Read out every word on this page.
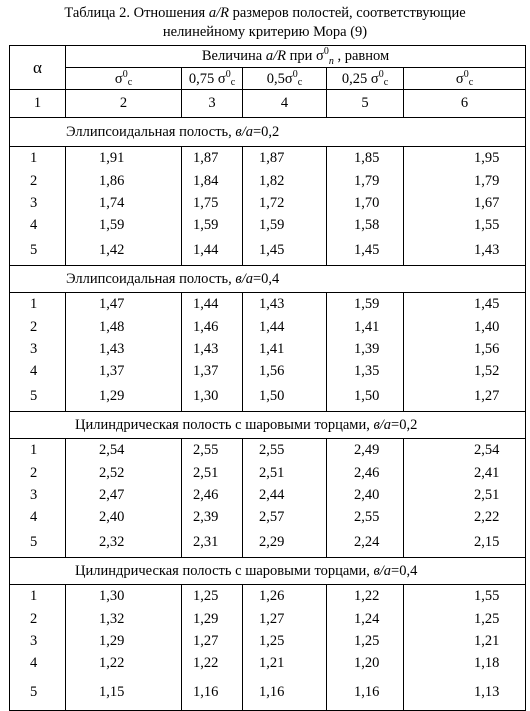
Таблица 2. Отношения a/R размеров полостей, соответствующие
нелинейному критерию Мора (9)
α	Величина a/R при $\sigma^0_n$ , равном				
	$\sigma^0_c$	0,75 $\sigma^0_c$	$0,5\sigma^0_c$	0,25 $\sigma^0_c$	$\sigma^0_c$
1	2	3	4	5	6
Эллипсоидальная полость, в/а=0,2					
1	1,91	1,87	1,87	1,85	1,95
2	1,86	1,84	1,82	1,79	1,79
3	1,74	1,75	1,72	1,70	1,67
4	1,59	1,59	1,59	1,58	1,55
5	1,42	1,44	1,45	1,45	1,43
Эллипсоидальная полость, в/а=0,4					
1	1,47	1,44	1,43	1,59	1,45
2	1,48	1,46	1,44	1,41	1,40
3	1,43	1,43	1,41	1,39	1,56
4	1,37	1,37	1,56	1,35	1,52
5	1,29	1,30	1,50	1,50	1,27
Цилиндрическая полость с шаровыми торцами, в/а=0,2					
1	2,54	2,55	2,55	2,49	2,54
2	2,52	2,51	2,51	2,46	2,41
3	2,47	2,46	2,44	2,40	2,51
4	2,40	2,39	2,57	2,55	2,22
5	2,32	2,31	2,29	2,24	2,15
Цилиндрическая полость с шаровыми торцами, в/а=0,4					
1	1,30	1,25	1,26	1,22	1,55
2	1,32	1,29	1,27	1,24	1,25
3	1,29	1,27	1,25	1,25	1,21
4	1,22	1,22	1,21	1,20	1,18
5	1,15	1,16	1,16	1,16	1,13
